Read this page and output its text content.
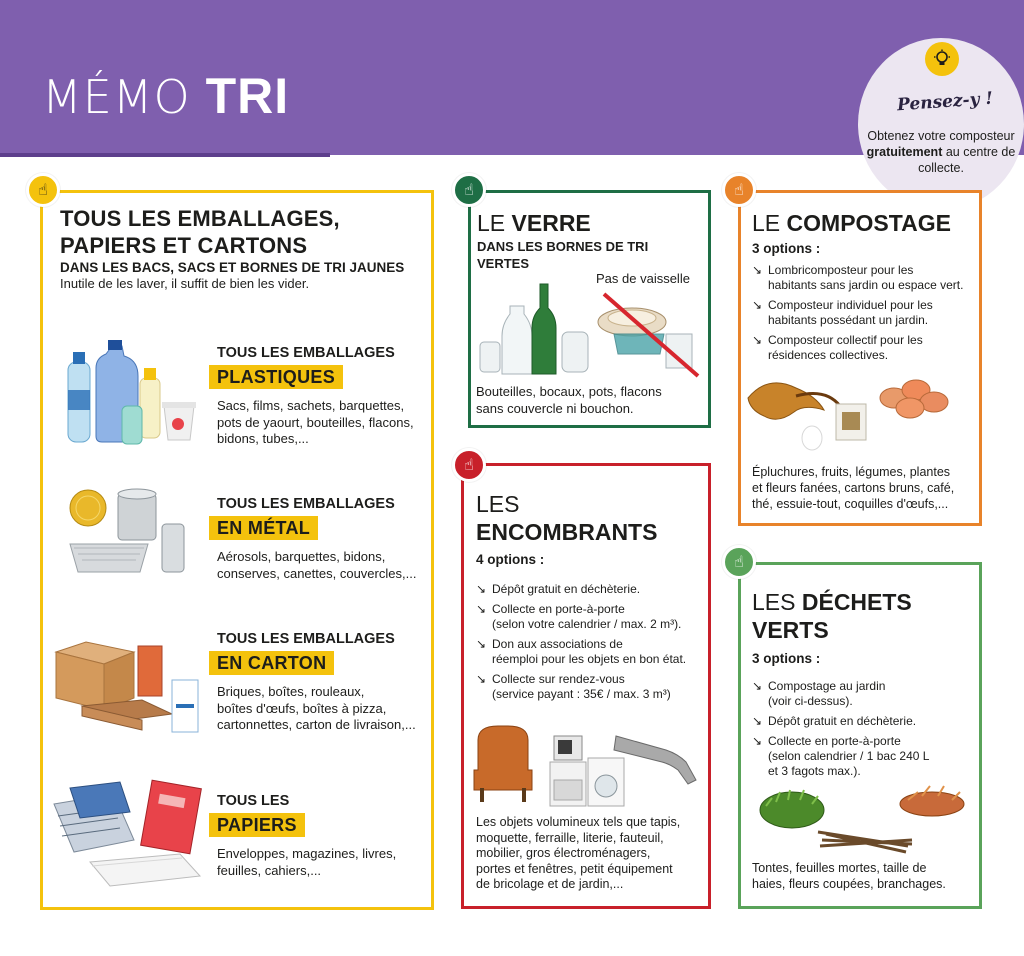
MÉMO TRI	Pensez-y !
Obtenez votre composteur
gratuitement au centre de collecte.
☝	☝	☝
☝
☝
TOUS LES EMBALLAGES,
PAPIERS ET CARTONS
DANS LES BACS, SACS ET BORNES DE TRI JAUNES
Inutile de les laver, il suffit de bien les vider.
TOUS LES EMBALLAGES
PLASTIQUES
Sacs, films, sachets, barquettes,
pots de yaourt, bouteilles, flacons,
bidons, tubes,...
TOUS LES EMBALLAGES
EN MÉTAL
Aérosols, barquettes, bidons,
conserves, canettes, couvercles,...
TOUS LES EMBALLAGES
EN CARTON
Briques, boîtes, rouleaux,
boîtes d'œufs, boîtes à pizza,
cartonnettes, carton de livraison,...
TOUS LES
PAPIERS
Enveloppes, magazines, livres,
feuilles, cahiers,...
LE VERRE
DANS LES BORNES DE TRI
VERTES
Pas de vaisselle
Bouteilles, bocaux, pots, flacons
sans couvercle ni bouchon.
LE COMPOSTAGE
3 options :
↘ Lombricomposteur pour les
habitants sans jardin ou espace vert.
↘ Composteur individuel pour les
habitants possédant un jardin.
↘ Composteur collectif pour les
résidences collectives.
Épluchures, fruits, légumes, plantes
et fleurs fanées, cartons bruns, café,
thé, essuie-tout, coquilles d'œufs,...
LES
ENCOMBRANTS
4 options :
↘ Dépôt gratuit en déchèterie.
↘ Collecte en porte-à-porte
(selon votre calendrier / max. 2 m³).
↘ Don aux associations de
réemploi pour les objets en bon état.
↘ Collecte sur rendez-vous
(service payant : 35€ / max. 3 m³)
Les objets volumineux tels que tapis,
moquette, ferraille, literie, fauteuil,
mobilier, gros électroménagers,
portes et fenêtres, petit équipement
de bricolage et de jardin,...
LES DÉCHETS
VERTS
3 options :
↘ Compostage au jardin
(voir ci-dessus).
↘ Dépôt gratuit en déchèterie.
↘ Collecte en porte-à-porte
(selon calendrier / 1 bac 240 L
et 3 fagots max.).
Tontes, feuilles mortes, taille de
haies, fleurs coupées, branchages.
